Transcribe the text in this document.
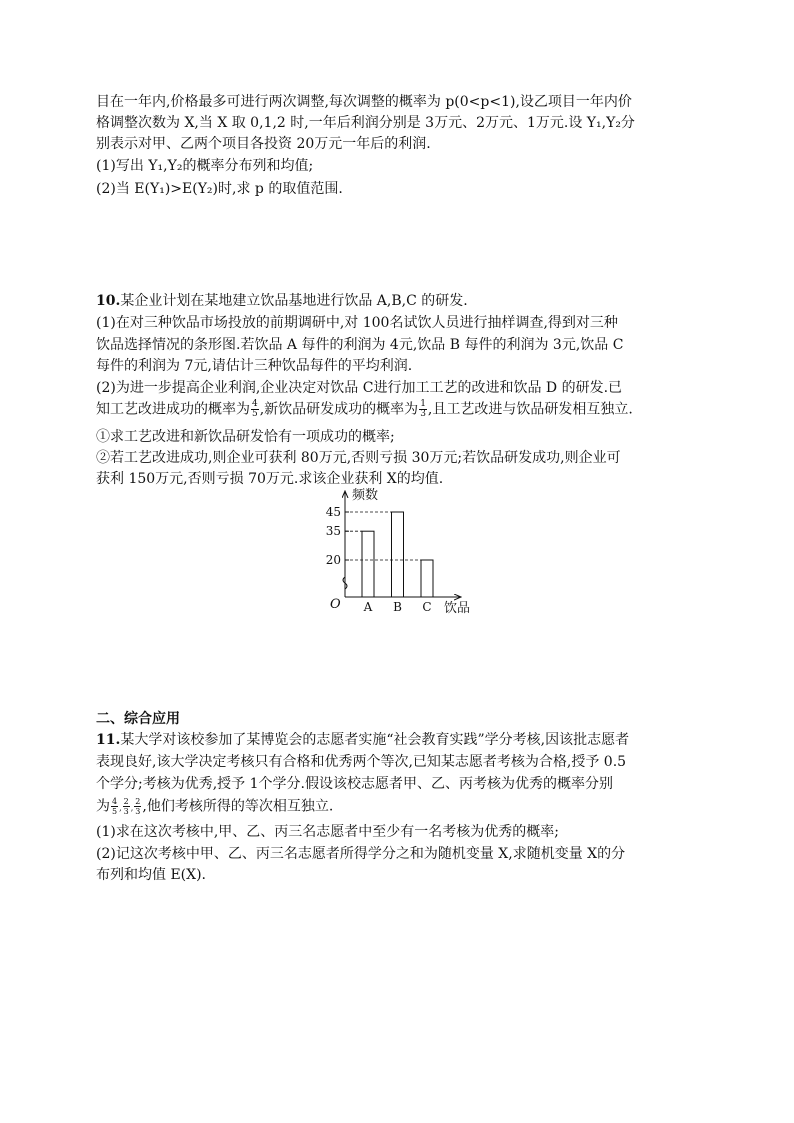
目在一年内,价格最多可进行两次调整,每次调整的概率为 p(0<p<1),设乙项目一年内价

格调整次数为 X,当 X 取 0,1,2 时,一年后利润分别是 3万元、2万元、1万元.设 Y₁,Y₂分

别表示对甲、乙两个项目各投资 20万元一年后的利润.

(1)写出 Y₁,Y₂的概率分布列和均值;

(2)当 E(Y₁)>E(Y₂)时,求 p 的取值范围.

10.某企业计划在某地建立饮品基地进行饮品 A,B,C 的研发.

(1)在对三种饮品市场投放的前期调研中,对 100名试饮人员进行抽样调查,得到对三种

饮品选择情况的条形图.若饮品 A 每件的利润为 4元,饮品 B 每件的利润为 3元,饮品 C

每件的利润为 7元,请估计三种饮品每件的平均利润.

(2)为进一步提高企业利润,企业决定对饮品 C进行加工工艺的改进和饮品 D 的研发.已

知工艺改进成功的概率为 $\frac{4}{5}$ ,新饮品研发成功的概率为 $\frac{1}{3}$ ,且工艺改进与饮品研发相互独立.

①求工艺改进和新饮品研发恰有一项成功的概率;

②若工艺改进成功,则企业可获利 80万元,否则亏损 30万元;若饮品研发成功,则企业可

获利 150万元,否则亏损 70万元.求该企业获利 X的均值.

频数
饮品
O
20
35
45
A B C

二、综合应用

11.某大学对该校参加了某博览会的志愿者实施“社会教育实践”学分考核,因该批志愿者

表现良好,该大学决定考核只有合格和优秀两个等次,已知某志愿者考核为合格,授予 0.5

个学分;考核为优秀,授予 1个学分.假设该校志愿者甲、乙、丙考核为优秀的概率分别

为 $\frac{4}{5}$ , $\frac{2}{3}$ , $\frac{2}{3}$ ,他们考核所得的等次相互独立.

(1)求在这次考核中,甲、乙、丙三名志愿者中至少有一名考核为优秀的概率;

(2)记这次考核中甲、乙、丙三名志愿者所得学分之和为随机变量 X,求随机变量 X的分

布列和均值 E(X).
